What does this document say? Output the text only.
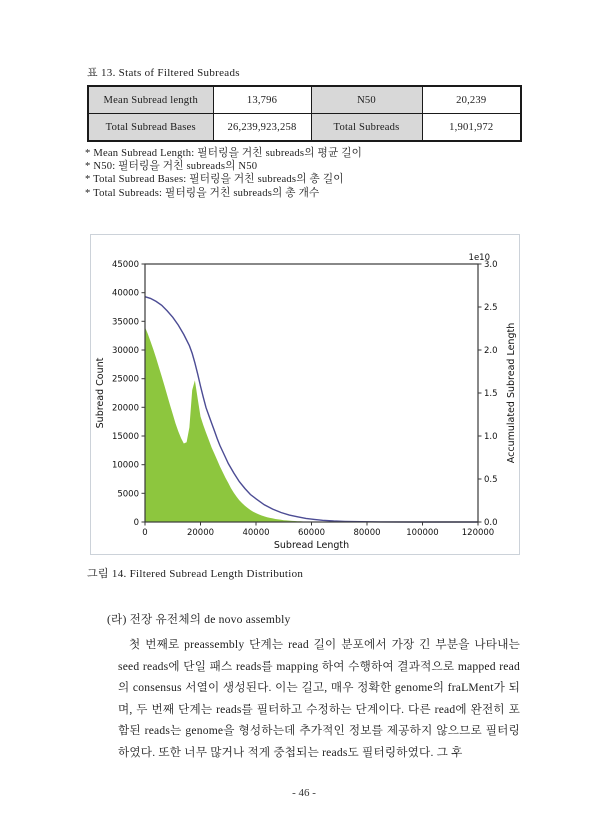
표 13. Stats of Filtered Subreads
Mean Subread length	13,796	N50	20,239
Total Subread Bases	26,239,923,258	Total Subreads	1,901,972
* Mean Subread Length: 필터링을 거친 subreads의 평균 길이
* N50: 필터링을 거친 subreads의 N50
* Total Subread Bases: 필터링을 거친 subreads의 총 길이
* Total Subreads: 필터링을 거친 subreads의 총 개수
0	20000	40000	60000	80000	100000	120000
0
5000
10000
15000
20000
25000
30000
35000
40000
45000
0.0
0.5
1.0
1.5
2.0
2.5
3.0
Subread Count	Accumulated Subread Length
Subread Length
1e10
그림 14. Filtered Subread Length Distribution
(라) 전장 유전체의 de novo assembly
첫 번째로 preassembly 단계는 read 길이 분포에서 가장 긴 부분을 나타내는 seed reads에 단일 패스 reads를 mapping 하여 수행하여 결과적으로 mapped read의 consensus 서열이 생성된다. 이는 길고, 매우 정확한 genome의 fraLMent가 되며, 두 번째 단계는 reads를 필터하고 수정하는 단계이다. 다른 read에 완전히 포함된 reads는 genome을 형성하는데 추가적인 정보를 제공하지 않으므로 필터링하였다. 또한 너무 많거나 적게 중첩되는 reads도 필터링하였다. 그 후
- 46 -
